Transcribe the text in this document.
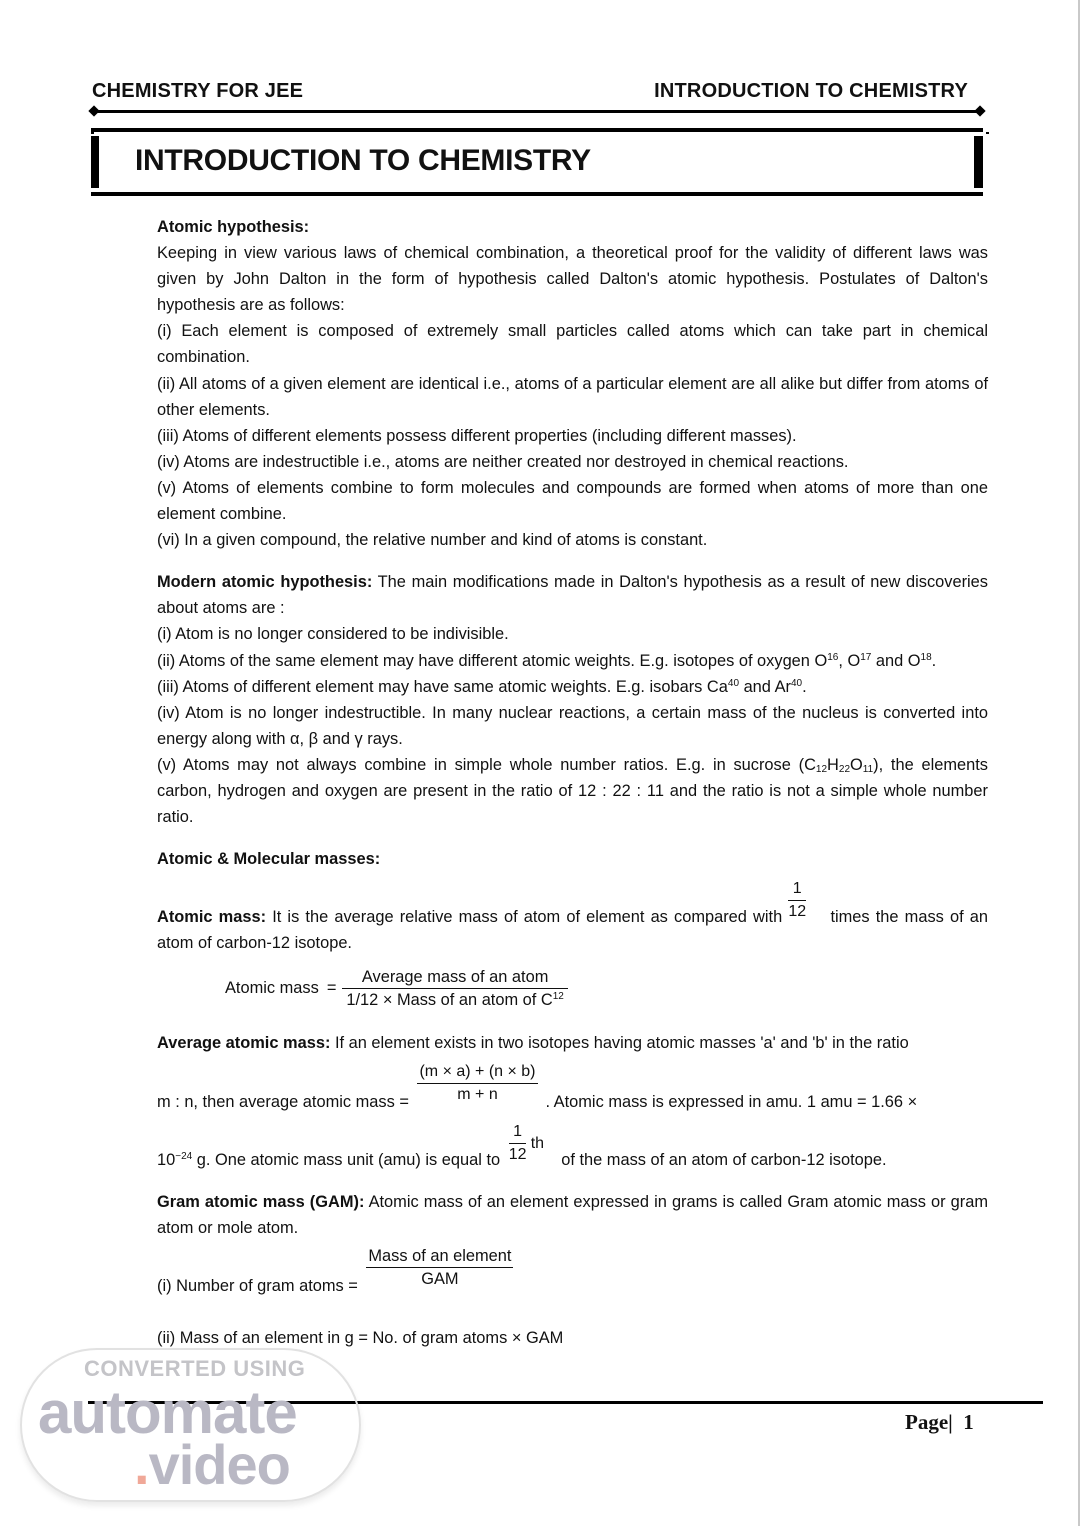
CHEMISTRY FOR JEE	INTRODUCTION TO CHEMISTRY
INTRODUCTION TO CHEMISTRY

Atomic hypothesis:

Keeping in view various laws of chemical combination, a theoretical proof for the validity of different laws was given by John Dalton in the form of hypothesis called Dalton's atomic hypothesis. Postulates of Dalton's hypothesis are as follows:

(i) Each element is composed of extremely small particles called atoms which can take part in chemical combination.

(ii) All atoms of a given element are identical i.e., atoms of a particular element are all alike but differ from atoms of other elements.

(iii) Atoms of different elements possess different properties (including different masses).

(iv) Atoms are indestructible i.e., atoms are neither created nor destroyed in chemical reactions.

(v) Atoms of elements combine to form molecules and compounds are formed when atoms of more than one element combine.

(vi) In a given compound, the relative number and kind of atoms is constant.

Modern atomic hypothesis: The main modifications made in Dalton's hypothesis as a result of new discoveries about atoms are :

(i) Atom is no longer considered to be indivisible.

(ii) Atoms of the same element may have different atomic weights. E.g. isotopes of oxygen $O^{16}$, $O^{17}$ and $O^{18}$.

(iii) Atoms of different element may have same atomic weights. E.g. isobars Ca$^{40}$ and Ar$^{40}$.

(iv) Atom is no longer indestructible. In many nuclear reactions, a certain mass of the nucleus is converted into energy along with α, β and γ rays.

(v) Atoms may not always combine in simple whole number ratios. E.g. in sucrose $(C_{12}H_{22}O_{11})$, the elements carbon, hydrogen and oxygen are present in the ratio of 12 : 22 : 11 and the ratio is not a simple whole number ratio.

Atomic & Molecular masses:

Atomic mass: It is the average relative mass of atom of element as compared with
1
12 times the mass of an atom of carbon-12 isotope.

Atomic mass = $\frac{\text{Average mass of an atom}}{1/12 \times Mass of an atom of C^{12}}$

Average atomic mass: If an element exists in two isotopes having atomic masses 'a' and 'b' in the ratio

m : n, then average atomic mass =
(m × a) + (n × b)
m + n	. Atomic mass is expressed in amu. 1 amu = 1.66 ×

$10^{-24}$ g. One atomic mass unit (amu) is equal to
1
12
th
of the mass of an atom of carbon-12 isotope.

Gram atomic mass (GAM): Atomic mass of an element expressed in grams is called Gram atomic mass or gram atom or mole atom.

(i) Number of gram atoms =
Mass of an element
GAM

(ii) Mass of an element in g = No. of gram atoms × GAM

Page| 1
CONVERTED USING
automate
.video
